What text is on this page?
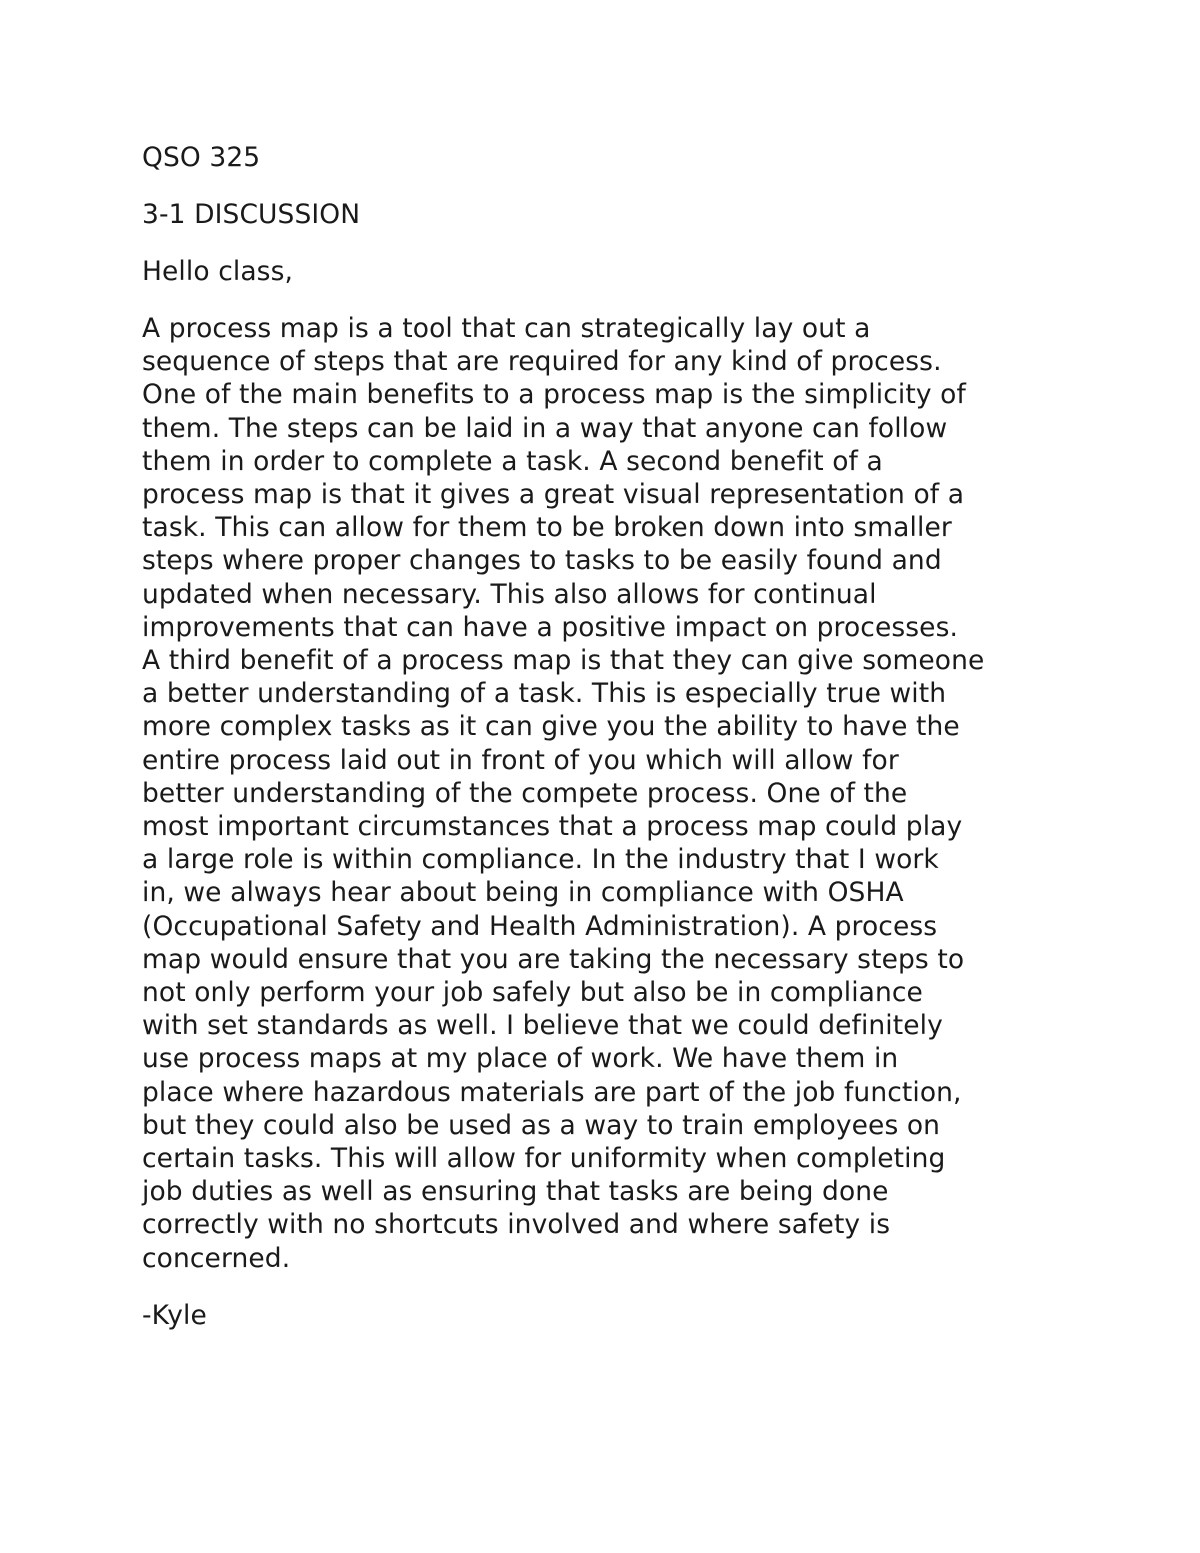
QSO 325

3-1 DISCUSSION

Hello class,

A process map is a tool that can strategically lay out a
sequence of steps that are required for any kind of process.
One of the main benefits to a process map is the simplicity of
them. The steps can be laid in a way that anyone can follow
them in order to complete a task. A second benefit of a
process map is that it gives a great visual representation of a
task. This can allow for them to be broken down into smaller
steps where proper changes to tasks to be easily found and
updated when necessary. This also allows for continual
improvements that can have a positive impact on processes.
A third benefit of a process map is that they can give someone
a better understanding of a task. This is especially true with
more complex tasks as it can give you the ability to have the
entire process laid out in front of you which will allow for
better understanding of the compete process. One of the
most important circumstances that a process map could play
a large role is within compliance. In the industry that I work
in, we always hear about being in compliance with OSHA
(Occupational Safety and Health Administration). A process
map would ensure that you are taking the necessary steps to
not only perform your job safely but also be in compliance
with set standards as well. I believe that we could definitely
use process maps at my place of work. We have them in
place where hazardous materials are part of the job function,
but they could also be used as a way to train employees on
certain tasks. This will allow for uniformity when completing
job duties as well as ensuring that tasks are being done
correctly with no shortcuts involved and where safety is
concerned.

-Kyle
